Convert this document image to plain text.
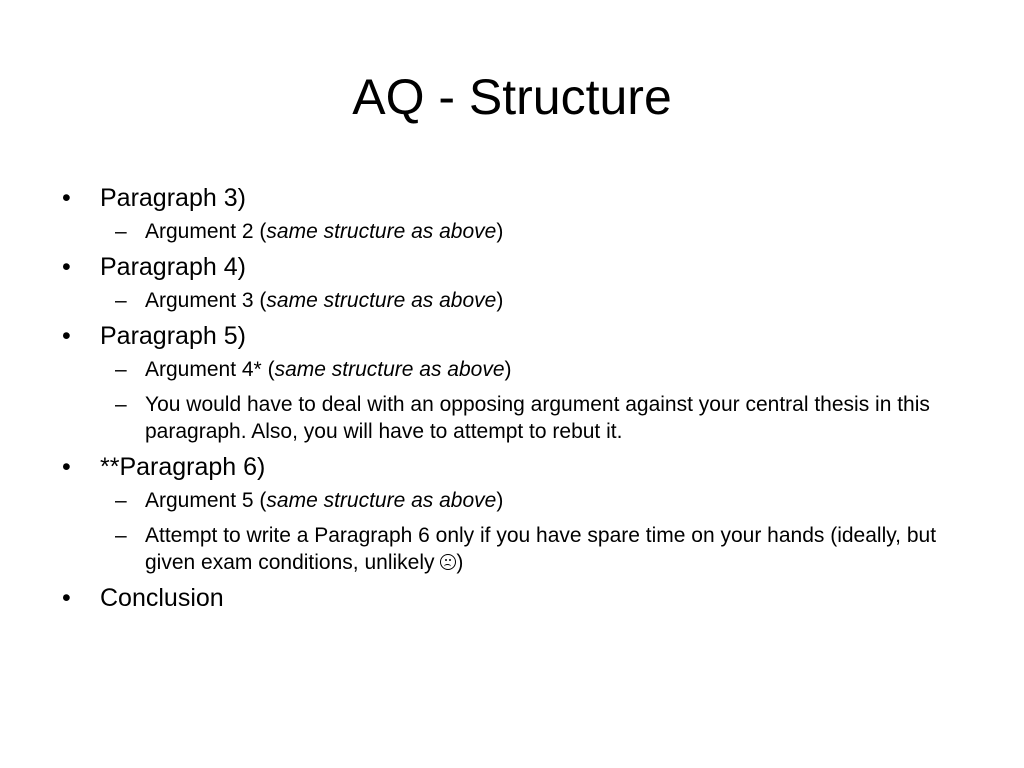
AQ - Structure

• Paragraph 3)

– Argument 2 (same structure as above)

• Paragraph 4)

– Argument 3 (same structure as above)

• Paragraph 5)

– Argument 4* (same structure as above)

– You would have to deal with an opposing argument against your central thesis in this paragraph. Also, you will have to attempt to rebut it.

• **Paragraph 6)

– Argument 5 (same structure as above)

– Attempt to write a Paragraph 6 only if you have spare time on your hands (ideally, but given exam conditions, unlikely
)

• Conclusion
